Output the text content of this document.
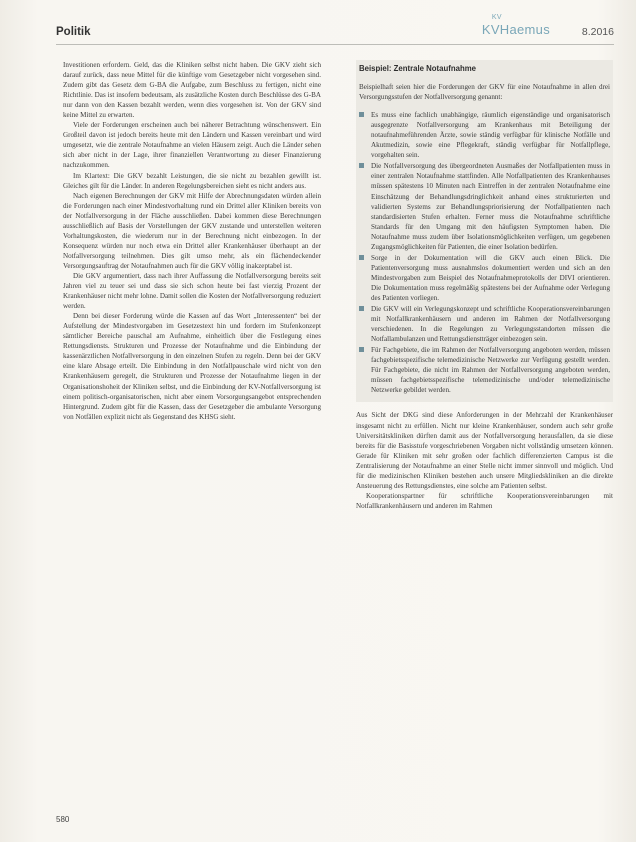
Politik
KV
KVHaemus	8.2016

Investitionen erfordern. Geld, das die Kliniken selbst nicht haben. Die GKV zieht sich darauf zurück, dass neue Mittel für die künftige vom Gesetzgeber nicht vorgesehen sind. Zudem gibt das Gesetz dem G-BA die Aufgabe, zum Beschluss zu fertigen, nicht eine Richtlinie. Das ist insofern bedeutsam, als zusätzliche Kosten durch Beschlüsse des G-BA nur dann von den Kassen bezahlt werden, wenn dies vorgesehen ist. Von der GKV sind keine Mittel zu erwarten.

Viele der Forderungen erscheinen auch bei näherer Betrachtung wünschenswert. Ein Großteil davon ist jedoch bereits heute mit den Ländern und Kassen vereinbart und wird umgesetzt, wie die zentrale Notaufnahme an vielen Häusern zeigt. Auch die Länder sehen sich aber nicht in der Lage, ihrer finanziellen Verantwortung zu dieser Finanzierung nachzukommen.

Im Klartext: Die GKV bezahlt Leistungen, die sie nicht zu bezahlen gewillt ist. Gleiches gilt für die Länder. In anderen Regelungsbereichen sieht es nicht anders aus.

Nach eigenen Berechnungen der GKV mit Hilfe der Abrechnungsdaten würden allein die Forderungen nach einer Mindestvorhaltung rund ein Drittel aller Kliniken bereits von der Notfallversorgung in der Fläche ausschließen. Dabei kommen diese Berechnungen ausschließlich auf Basis der Vorstellungen der GKV zustande und unterstellen weiteren Vorhaltungskosten, die wiederum nur in der Berechnung nicht einbezogen. In der Konsequenz würden nur noch etwa ein Drittel aller Krankenhäuser überhaupt an der Notfallversorgung teilnehmen. Dies gilt umso mehr, als ein flächendeckender Versorgungsauftrag der Notaufnahmen auch für die GKV völlig inakzeptabel ist.

Die GKV argumentiert, dass nach ihrer Auffassung die Notfallversorgung bereits seit Jahren viel zu teuer sei und dass sie sich schon heute bei fast vierzig Prozent der Krankenhäuser nicht mehr lohne. Damit sollen die Kosten der Notfallversorgung reduziert werden.

Denn bei dieser Forderung würde die Kassen auf das Wort „Interessenten“ bei der Aufstellung der Mindestvorgaben im Gesetzestext hin und fordern im Stufenkonzept sämtlicher Bereiche pauschal am Aufnahme, einheitlich über die Festlegung eines Rettungsdiensts. Strukturen und Prozesse der Notaufnahme und die Einbindung der kassenärztlichen Notfallversorgung in den einzelnen Stufen zu regeln. Denn bei der GKV eine klare Absage erteilt. Die Einbindung in den Notfallpauschale wird nicht von den Krankenhäusern geregelt, die Strukturen und Prozesse der Notaufnahme liegen in der Organisationshoheit der Kliniken selbst, und die Einbindung der KV-Notfallversorgung ist einem politisch-organisatorischen, nicht aber einem Vorsorgungsangebot entsprechenden Hintergrund. Zudem gibt für die Kassen, dass der Gesetzgeber die ambulante Versorgung von Notfällen explizit nicht als Gegenstand des KHSG sieht.

Beispiel: Zentrale Notaufnahme

Beispielhaft seien hier die Forderungen der GKV für eine Notaufnahme in allen drei Versorgungsstufen der Notfallversorgung genannt:

Es muss eine fachlich unabhängige, räumlich eigenständige und organisatorisch ausgegrenzte Notfallversorgung am Krankenhaus mit Beteiligung der notaufnahmeführenden Ärzte, sowie ständig verfügbar für klinische Notfälle und Akutmedizin, sowie eine Pflegekraft, ständig verfügbar für Notfallpflege, vorgehalten sein.
Die Notfallversorgung des übergeordneten Ausmaßes der Notfallpatienten muss in einer zentralen Notaufnahme stattfinden. Alle Notfallpatienten des Krankenhauses müssen spätestens 10 Minuten nach Eintreffen in der zentralen Notaufnahme eine Einschätzung der Behandlungsdringlichkeit anhand eines strukturierten und validierten Systems zur Behandlungspriorisierung der Notfallpatienten nach standardisierten Stufen erhalten. Ferner muss die Notaufnahme schriftliche Standards für den Umgang mit den häufigsten Symptomen haben. Die Notaufnahme muss zudem über Isolationsmöglichkeiten verfügen, um gegebenen Zugangsmöglichkeiten für Patienten, die einer Isolation bedürfen.
Sorge in der Dokumentation will die GKV auch einen Blick. Die Patientenversorgung muss ausnahmslos dokumentiert werden und sich an den Mindestvorgaben zum Beispiel des Notaufnahmeprotokolls der DIVI orientieren. Die Dokumentation muss regelmäßig spätestens bei der Aufnahme oder Verlegung des Patienten vorliegen.
Die GKV will ein Verlegungskonzept und schriftliche Kooperationsvereinbarungen mit Notfallkrankenhäusern und anderen im Rahmen der Notfallversorgung verschiedenen. In die Regelungen zu Verlegungsstandorten müssen die Notfallambulanzen und Rettungsdienstträger einbezogen sein.
Für Fachgebiete, die im Rahmen der Notfallversorgung angeboten werden, müssen fachgebietsspezifische telemedizinische Netzwerke zur Verfügung gestellt werden. Für Fachgebiete, die nicht im Rahmen der Notfallversorgung angeboten werden, müssen fachgebietsspezifische telemedizinische und/oder telemedizinische Netzwerke gebildet werden.

Aus Sicht der DKG sind diese Anforderungen in der Mehrzahl der Krankenhäuser insgesamt nicht zu erfüllen. Nicht nur kleine Krankenhäuser, sondern auch sehr große Universitätskliniken dürften damit aus der Notfallversorgung herausfallen, da sie diese bereits für die Basisstufe vorgeschriebenen Vorgaben nicht vollständig umsetzen können. Gerade für Kliniken mit sehr großen oder fachlich differenzierten Campus ist die Zentralisierung der Notaufnahme an einer Stelle nicht immer sinnvoll und möglich. Und für die medizinischen Kliniken bestehen auch unsere Mitgliedskliniken an die direkte Ansteuerung des Rettungsdienstes, eine solche am Patienten selbst.

Kooperationspartner für schriftliche Kooperationsvereinbarungen mit Notfallkrankenhäusern und anderen im Rahmen

580
